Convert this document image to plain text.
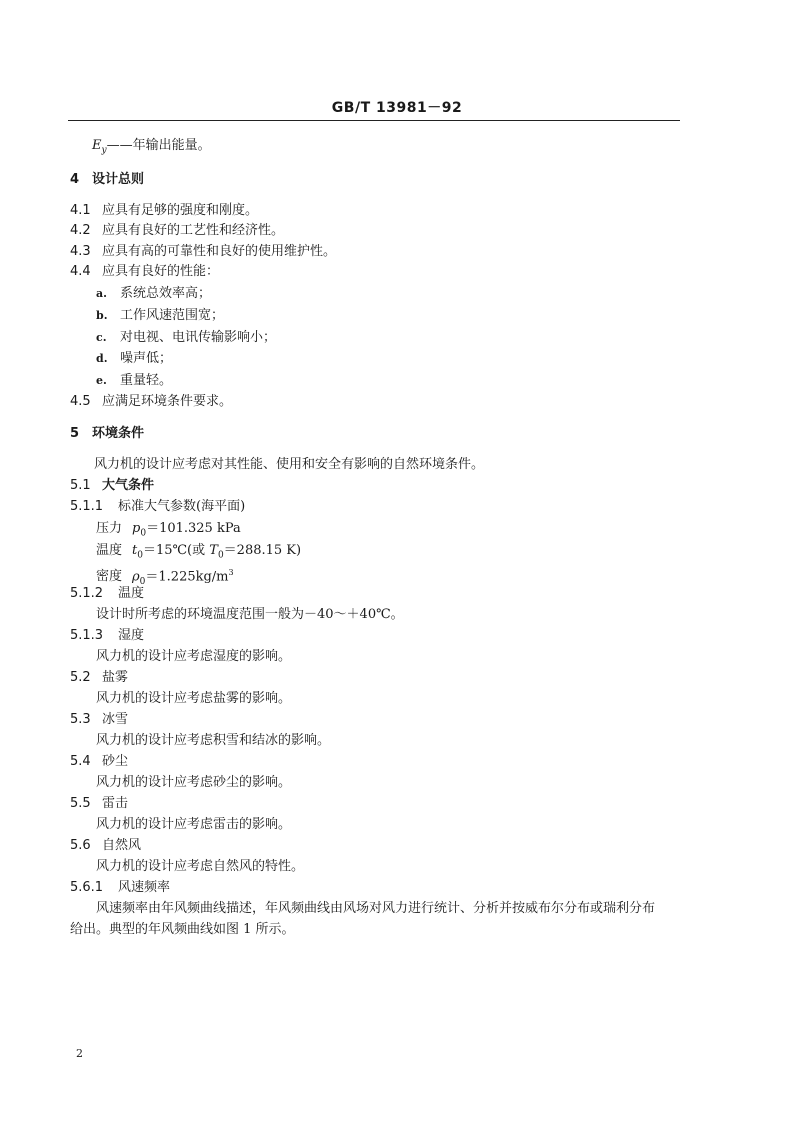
GB/T 13981－92
$E_y——$年输出能量。
4 设计总则
4.1 应具有足够的强度和刚度。
4.2 应具有良好的工艺性和经济性。
4.3 应具有高的可靠性和良好的使用维护性。
4.4 应具有良好的性能：
a. 系统总效率高；
b. 工作风速范围宽；
c. 对电视、电讯传输影响小；
d. 噪声低；
e. 重量轻。
4.5 应满足环境条件要求。
5 环境条件
风力机的设计应考虑对其性能、使用和安全有影响的自然环境条件。
5.1 大气条件
5.1.1 标准大气参数(海平面)
压力 $p_0=101.325$ kPa
温度 $t_0=15℃$(或 $T_0=288.15$ K)
密度 $\rho_0=1.225kg/m^3$
5.1.2 温度
设计时所考虑的环境温度范围一般为－40～＋40℃。
5.1.3 湿度
风力机的设计应考虑湿度的影响。
5.2 盐雾
风力机的设计应考虑盐雾的影响。
5.3 冰雪
风力机的设计应考虑积雪和结冰的影响。
5.4 砂尘
风力机的设计应考虑砂尘的影响。
5.5 雷击
风力机的设计应考虑雷击的影响。
5.6 自然风
风力机的设计应考虑自然风的特性。
5.6.1 风速频率
风速频率由年风频曲线描述，年风频曲线由风场对风力进行统计、分析并按威布尔分布或瑞利分布
给出。典型的年风频曲线如图 1 所示。
2
